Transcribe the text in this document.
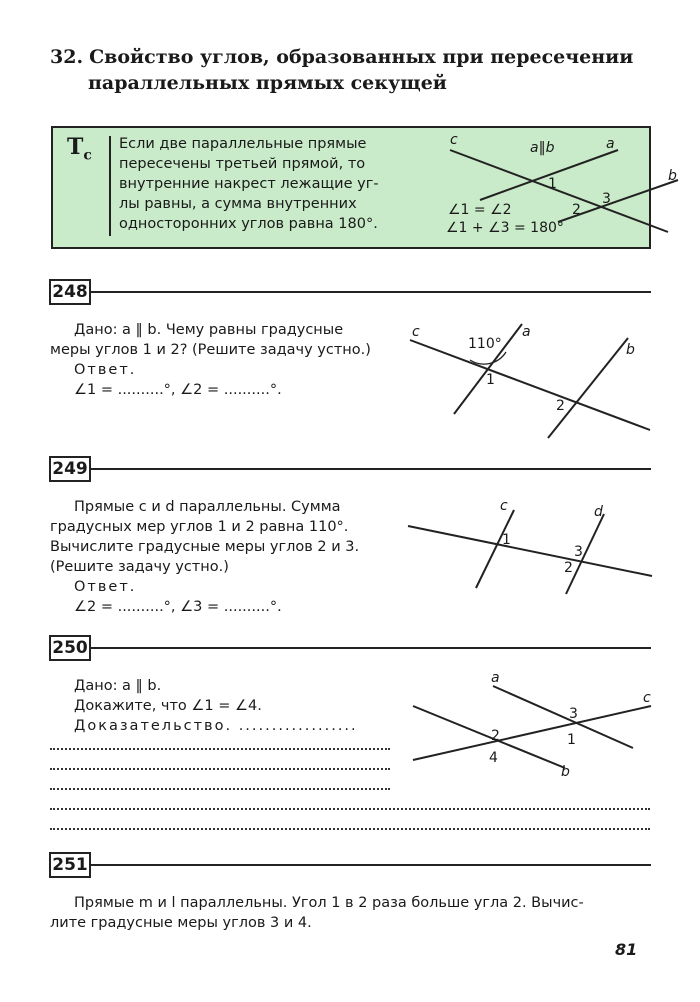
32. Свойство углов, образованных при пересечении
параллельных прямых секущей
$T_c$
Если две параллельные прямые
пересечены третьей прямой, то
внутренние накрест лежащие уг-
лы равны, а сумма внутренних
односторонних углов равна 180°.
c	a‖b	a
b
1
2
3
∠1 = ∠2
∠1 + ∠3 = 180°
248
Дано: a ‖ b. Чему равны градусные
меры углов 1 и 2? (Решите задачу устно.)
Ответ.
∠1 = ..........°, ∠2 = ..........°.
c	a
b
110°
1
2
249
Прямые c и d параллельны. Сумма
градусных мер углов 1 и 2 равна 110°.
Вычислите градусные меры углов 2 и 3.
(Решите задачу устно.)
Ответ.
∠2 = ..........°, ∠3 = ..........°.
c	d
1
3
2
250
Дано: a ‖ b.
Докажите, что ∠1 = ∠4.
Доказательство. ..................
a
c
b
3
1
2
4
251
Прямые m и l параллельны. Угол 1 в 2 раза больше угла 2. Вычис-
лите градусные меры углов 3 и 4.
81
